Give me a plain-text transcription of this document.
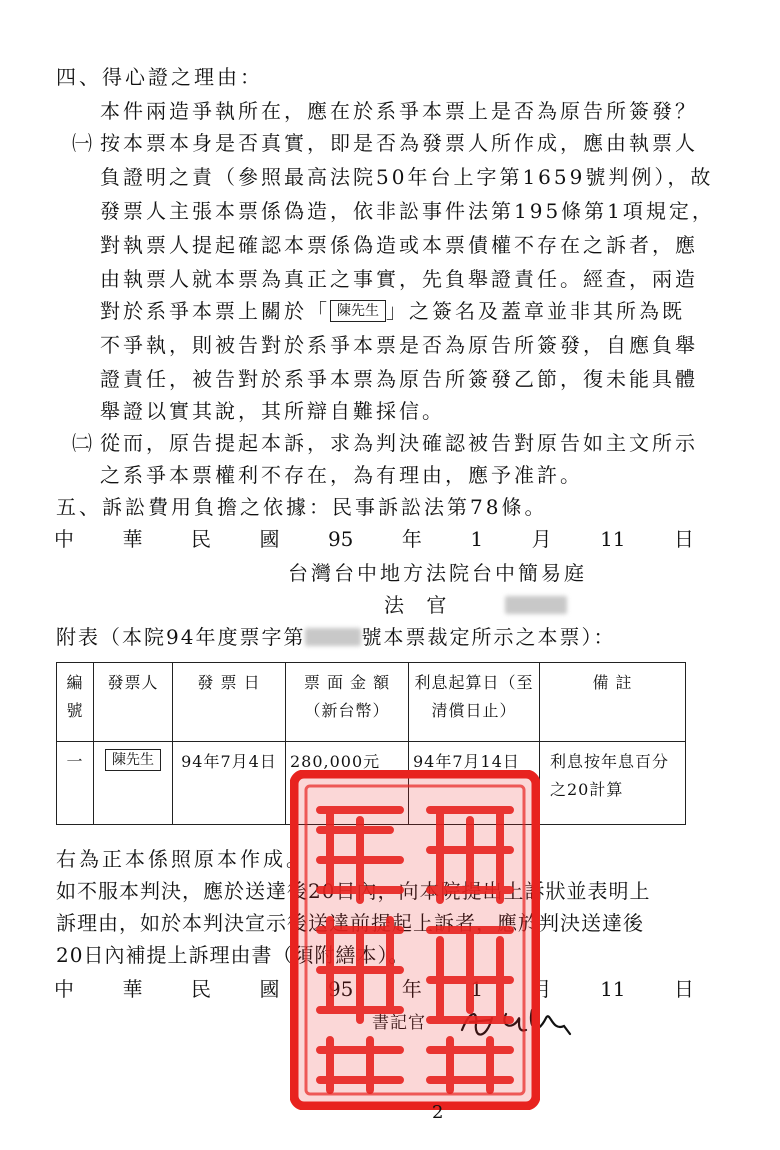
四、得心證之理由：
本件兩造爭執所在，應在於系爭本票上是否為原告所簽發？
㈠ 按本票本身是否真實，即是否為發票人所作成，應由執票人
負證明之責（參照最高法院50年台上字第1659號判例），故
發票人主張本票係偽造，依非訟事件法第195條第1項規定，
對執票人提起確認本票係偽造或本票債權不存在之訴者，應
由執票人就本票為真正之事實，先負舉證責任。經查，兩造
對於系爭本票上關於「 陳先生 」之簽名及蓋章並非其所為既
不爭執，則被告對於系爭本票是否為原告所簽發，自應負舉
證責任，被告對於系爭本票為原告所簽發乙節，復未能具體
舉證以實其說，其所辯自難採信。
㈡ 從而，原告提起本訴，求為判決確認被告對原告如主文所示
之系爭本票權利不存在，為有理由，應予准許。
五、訴訟費用負擔之依據：民事訴訟法第78條。
中 華 民 國 95 年 1 月 11 日
台灣台中地方法院台中簡易庭
法 官
附表（本院94年度票字第	號本票裁定所示之本票）：
編號	發票人	發 票 日	票 面 金 額（新台幣）	利息起算日（至清償日止）	備 註
一	陳先生	94年7月4日	280,000元	94年7月14日	利息按年息百分之20計算
右為正本係照原本作成。
如不服本判決，應於送達後20日內，向本院提出上訴狀並表明上
訴理由，如於本判決宣示後送達前提起上訴者，應於判決送達後
20日內補提上訴理由書（須附繕本）。
中 華 民 國 95 年 1 月 11 日
書記官
2
